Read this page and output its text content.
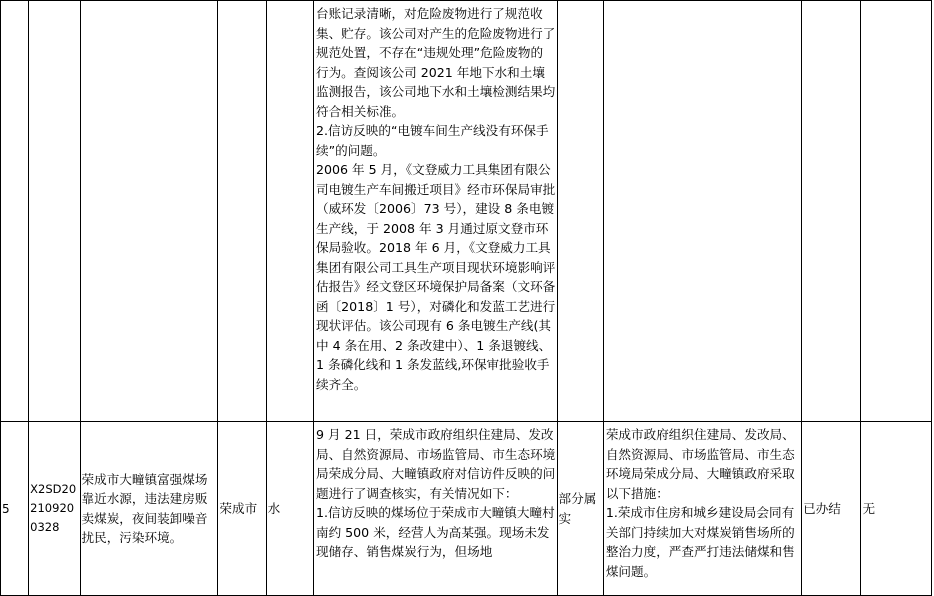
					台账记录清晰，对危险废物进行了规范收集、贮存。该公司对产生的危险废物进行了规范处置，不存在“违规处理”危险废物的行为。查阅该公司 2021 年地下水和土壤监测报告，该公司地下水和土壤检测结果均符合相关标准。
2.信访反映的“电镀车间生产线没有环保手续”的问题。
2006 年 5 月，《文登威力工具集团有限公司电镀生产车间搬迁项目》经市环保局审批（威环发〔2006〕73 号），建设 8 条电镀生产线，于 2008 年 3 月通过原文登市环保局验收。2018 年 6 月，《文登威力工具集团有限公司工具生产项目现状环境影响评估报告》经文登区环境保护局备案（文环备函〔2018〕1 号），对磷化和发蓝工艺进行现状评估。该公司现有 6 条电镀生产线(其中 4 条在用、2 条改建中）、1 条退镀线、1 条磷化线和 1 条发蓝线,环保审批验收手续齐全。				

5	X2SD202109200328	荣成市大疃镇富强煤场靠近水源，违法建房贩卖煤炭，夜间装卸噪音扰民，污染环境。	荣成市	水	9 月 21 日，荣成市政府组织住建局、发改局、自然资源局、市场监管局、市生态环境局荣成分局、大疃镇政府对信访件反映的问题进行了调查核实，有关情况如下：
1.信访反映的煤场位于荣成市大疃镇大疃村南约 500 米，经营人为高某强。现场未发现储存、销售煤炭行为，但场地	部分属实	荣成市政府组织住建局、发改局、自然资源局、市场监管局、市生态环境局荣成分局、大疃镇政府采取以下措施：
1.荣成市住房和城乡建设局会同有关部门持续加大对煤炭销售场所的整治力度，严查严打违法储煤和售煤问题。	已办结	无
